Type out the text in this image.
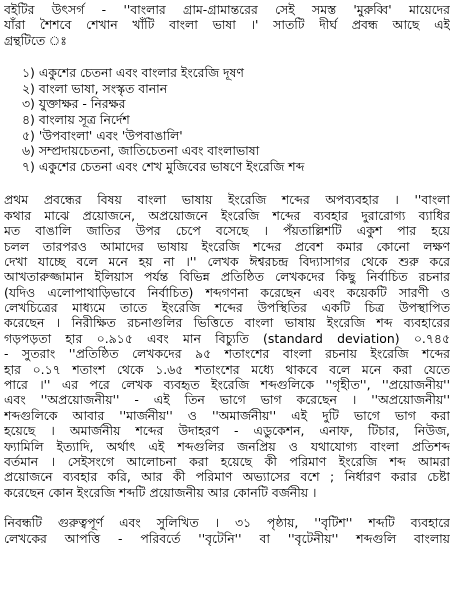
বইটির উৎসর্গ - ''বাংলার গ্রাম-গ্রামান্তরের সেই সমস্ত 'মুরুব্বি' মায়েদের
যাঁরা শৈশবে শেখান খাঁটি বাংলা ভাষা ।' সাতটি দীর্ঘ প্রবন্ধ আছে এই
গ্রন্থটিতে ঃ
১) একুশের চেতনা এবং বাংলার ইংরেজি দূষণ
২) বাংলা ভাষা, সংস্কৃত বানান
৩) যুক্তাক্ষর - নিরক্ষর
৪) বাংলায় সূত্র নির্দেশ
৫) 'উপবাংলা' এবং 'উপবাঙালি'
৬) সম্প্রদায়চেতনা, জাতিচেতনা এবং বাংলাভাষা
৭) একুশের চেতনা এবং শেখ মুজিবের ভাষণে ইংরেজি শব্দ
প্রথম প্রবন্ধের বিষয় বাংলা ভাষায় ইংরেজি শব্দের অপব্যবহার । ''বাংলা
কথার মাঝে প্রয়োজনে, অপ্রয়োজনে ইংরেজি শব্দের ব্যবহার দুরারোগ্য ব্যাধির
মত বাঙালি জাতির উপর চেপে বসেছে । পঁয়তাল্লিশটি একুশ পার হয়ে
চলল তারপরও আমাদের ভাষায় ইংরেজি শব্দের প্রবেশ কমার কোনো লক্ষণ
দেখা যাচ্ছে বলে মনে হয় না ।'' লেখক ঈশ্বরচন্দ্র বিদ্যাসাগর থেকে শুরু করে
আখতারুজ্জামান ইলিয়াস পর্যন্ত বিভিন্ন প্রতিষ্ঠিত লেখকদের কিছু নির্বাচিত রচনার
(যদিও এলোপাথাড়িভাবে নির্বাচিত) শব্দগণনা করেছেন এবং কয়েকটি সারণী ও
লেখচিত্রের মাধ্যমে তাতে ইংরেজি শব্দের উপস্থিতির একটি চিত্র উপস্থাপিত
করেছেন । নিরীক্ষিত রচনাগুলির ভিত্তিতে বাংলা ভাষায় ইংরেজি শব্দ ব্যবহারের
গড়পড়তা হার ০.৯১৫ এবং মান বিচ্যুতি (standard deviation) ০.৭৪৫
- সুতরাং ''প্রতিষ্ঠিত লেখকদের ৯৫ শতাংশের বাংলা রচনায় ইংরেজি শব্দের
হার ০.১৭ শতাংশ থেকে ১.৬৫ শতাংশের মধ্যে থাকবে বলে মনে করা যেতে
পারে ।'' এর পরে লেখক ব্যবহৃত ইংরেজি শব্দগুলিকে ''গৃহীত'', ''প্রয়োজনীয়''
এবং ''অপ্রয়োজনীয়'' - এই তিন ভাগে ভাগ করেছেন । ''অপ্রয়োজনীয়''
শব্দগুলিকে আবার ''মার্জনীয়'' ও ''অমার্জনীয়'' এই দুটি ভাগে ভাগ করা
হয়েছে । অমার্জনীয় শব্দের উদাহরণ - এডুকেশন, এনাফ, টিচার, নিউজ,
ফ্যামিলি ইত্যাদি, অর্থাৎ এই শব্দগুলির জনপ্রিয় ও যথাযোগ্য বাংলা প্রতিশব্দ
বর্তমান । সেইসংগে আলোচনা করা হয়েছে কী পরিমাণ ইংরেজি শব্দ আমরা
প্রয়োজনে ব্যবহার করি, আর কী পরিমাণ অভ্যাসের বশে ; নির্ধারণ করার চেষ্টা
করেছেন কোন ইংরেজি শব্দটি প্রয়োজনীয় আর কোনটি বর্জনীয় ।
নিবন্ধটি গুরুত্বপূর্ণ এবং সুলিখিত । ৩১ পৃষ্ঠায়, ''বৃটিশ'' শব্দটি ব্যবহারে
লেখকের আপত্তি - পরিবর্তে ''বৃটেনি'' বা ''বৃটেনীয়'' শব্দগুলি বাংলায়
